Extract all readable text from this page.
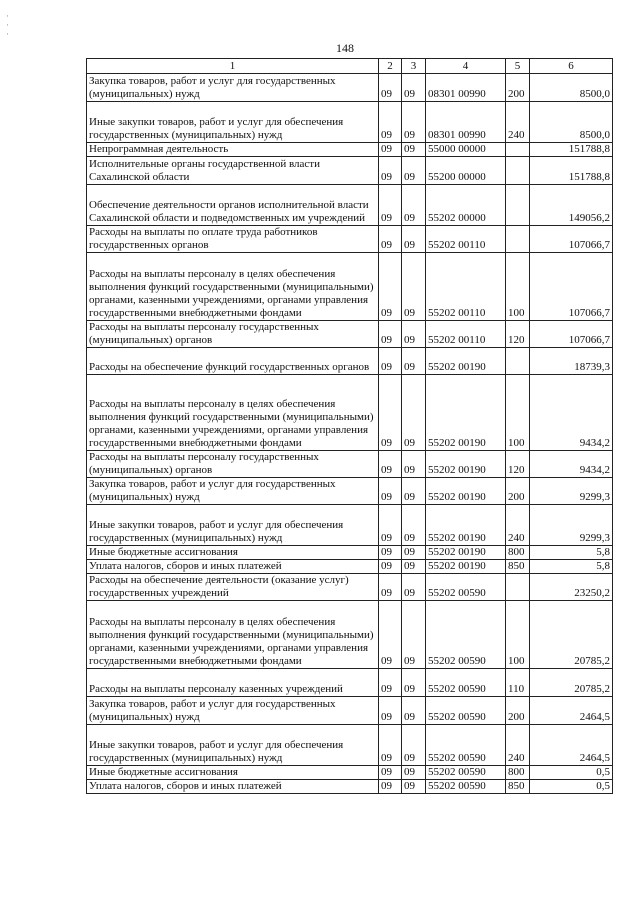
·
·
·
148
1	2	3	4	5	6
Закупка товаров, работ и услуг для государственных (муниципальных) нужд	09	09	08301 00990	200	8500,0
Иные закупки товаров, работ и услуг для обеспечения государственных (муниципальных) нужд	09	09	08301 00990	240	8500,0
Непрограммная деятельность	09	09	55000 00000		151788,8
Исполнительные органы государственной власти Сахалинской области	09	09	55200 00000		151788,8
Обеспечение деятельности органов исполнительной власти Сахалинской области и подведомственных им учреждений	09	09	55202 00000		149056,2
Расходы на выплаты по оплате труда работников государственных органов	09	09	55202 00110		107066,7
Расходы на выплаты персоналу в целях обеспечения выполнения функций государственными (муниципальными) органами, казенными учреждениями, органами управления государственными внебюджетными фондами	09	09	55202 00110	100	107066,7
Расходы на выплаты персоналу государственных (муниципальных) органов	09	09	55202 00110	120	107066,7
Расходы на обеспечение функций государственных органов	09	09	55202 00190		18739,3
Расходы на выплаты персоналу в целях обеспечения выполнения функций государственными (муниципальными) органами, казенными учреждениями, органами управления государственными внебюджетными фондами	09	09	55202 00190	100	9434,2
Расходы на выплаты персоналу государственных (муниципальных) органов	09	09	55202 00190	120	9434,2
Закупка товаров, работ и услуг для государственных (муниципальных) нужд	09	09	55202 00190	200	9299,3
Иные закупки товаров, работ и услуг для обеспечения государственных (муниципальных) нужд	09	09	55202 00190	240	9299,3
Иные бюджетные ассигнования	09	09	55202 00190	800	5,8
Уплата налогов, сборов и иных платежей	09	09	55202 00190	850	5,8
Расходы на обеспечение деятельности (оказание услуг) государственных учреждений	09	09	55202 00590		23250,2
Расходы на выплаты персоналу в целях обеспечения выполнения функций государственными (муниципальными) органами, казенными учреждениями, органами управления государственными внебюджетными фондами	09	09	55202 00590	100	20785,2
Расходы на выплаты персоналу казенных учреждений	09	09	55202 00590	110	20785,2
Закупка товаров, работ и услуг для государственных (муниципальных) нужд	09	09	55202 00590	200	2464,5
Иные закупки товаров, работ и услуг для обеспечения государственных (муниципальных) нужд	09	09	55202 00590	240	2464,5
Иные бюджетные ассигнования	09	09	55202 00590	800	0,5
Уплата налогов, сборов и иных платежей	09	09	55202 00590	850	0,5
